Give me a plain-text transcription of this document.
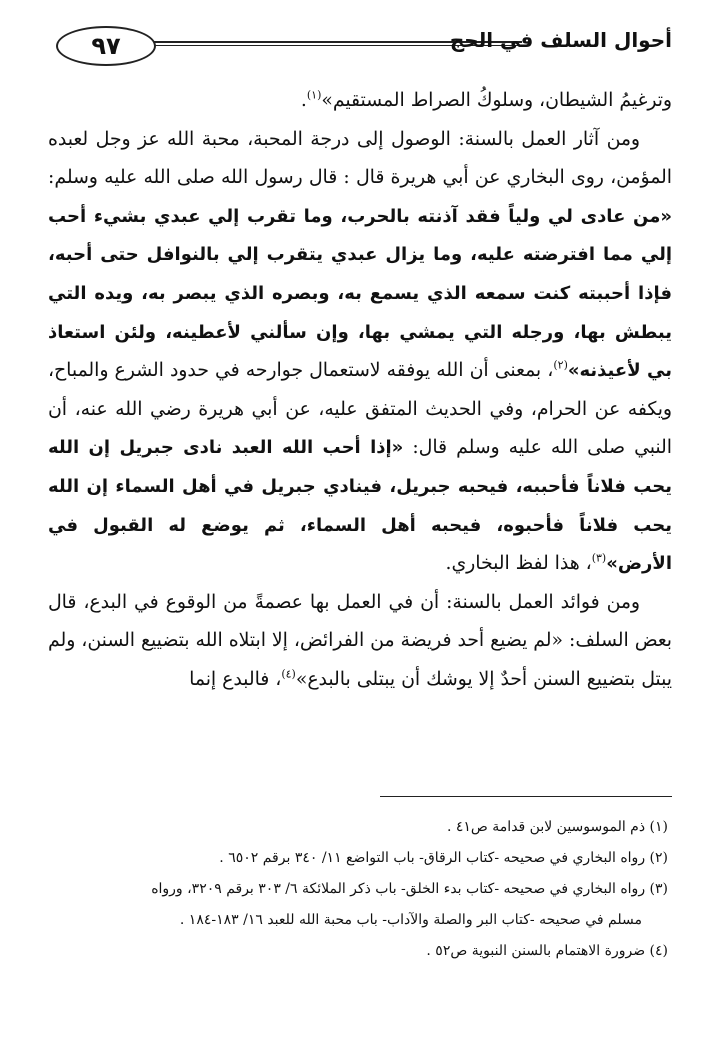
٩٧	أحوال السلف في الحج

وترغيمُ الشيطان، وسلوكُ الصراط المستقيم»$^{(١)}$.

ومن آثار العمل بالسنة: الوصول إلى درجة المحبة، محبة الله عز وجل لعبده المؤمن، روى البخاري عن أبي هريرة قال : قال رسول الله صلى الله عليه وسلم: «من عادى لي ولياً فقد آذنته بالحرب، وما تقرب إلي عبدي بشيء أحب إلي مما افترضته عليه، وما يزال عبدي يتقرب إلي بالنوافل حتى أحبه، فإذا أحببته كنت سمعه الذي يسمع به، وبصره الذي يبصر به، ويده التي يبطش بها، ورجله التي يمشي بها، وإن سألني لأعطينه، ولئن استعاذ بي لأعيذنه»$^{(٢)}$، بمعنى أن الله يوفقه لاستعمال جوارحه في حدود الشرع والمباح، ويكفه عن الحرام، وفي الحديث المتفق عليه، عن أبي هريرة رضي الله عنه، أن النبي صلى الله عليه وسلم قال: «إذا أحب الله العبد نادى جبريل إن الله يحب فلاناً فأحببه، فيحبه جبريل، فينادي جبريل في أهل السماء إن الله يحب فلاناً فأحبوه، فيحبه أهل السماء، ثم يوضع له القبول في الأرض»$^{(٣)}$، هذا لفظ البخاري.

ومن فوائد العمل بالسنة: أن في العمل بها عصمةً من الوقوع في البدع، قال بعض السلف: «لم يضيع أحد فريضة من الفرائض، إلا ابتلاه الله بتضييع السنن، ولم يبتل بتضييع السنن أحدٌ إلا يوشك أن يبتلى بالبدع»$^{(٤)}$، فالبدع إنما

(١) ذم الموسوسين لابن قدامة ص٤١ .

(٢) رواه البخاري في صحيحه -كتاب الرقاق- باب التواضع ١١/ ٣٤٠ برقم ٦٥٠٢ .

(٣) رواه البخاري في صحيحه -كتاب بدء الخلق- باب ذكر الملائكة ٦/ ٣٠٣ برقم ٣٢٠٩، ورواه

مسلم في صحيحه -كتاب البر والصلة والآداب- باب محبة الله للعبد ١٦/ ١٨٣-١٨٤ .

(٤) ضرورة الاهتمام بالسنن النبوية ص٥٢ .
